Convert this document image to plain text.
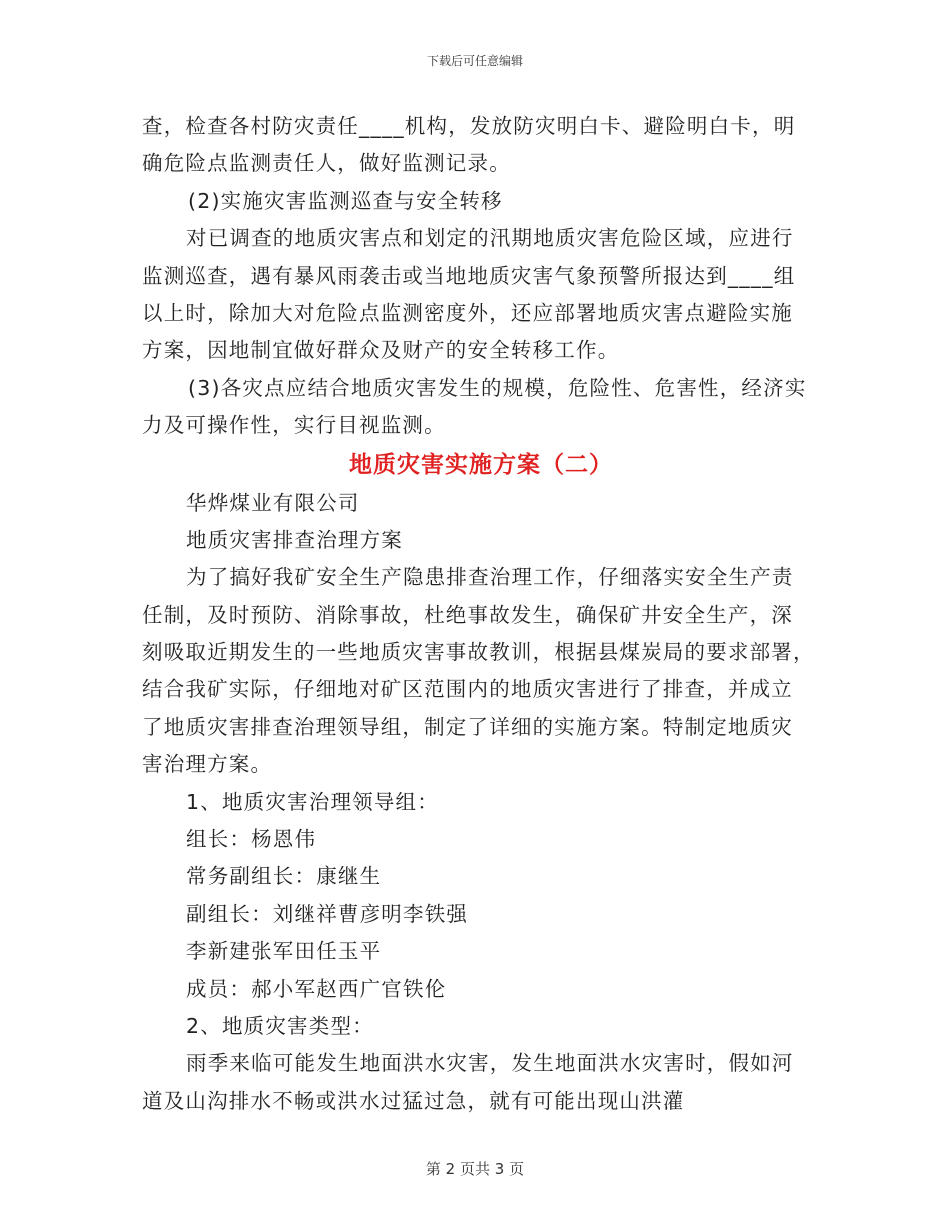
下载后可任意编辑
查，检查各村防灾责任____机构，发放防灾明白卡、避险明白卡，明
确危险点监测责任人，做好监测记录。
(2)实施灾害监测巡查与安全转移
对已调查的地质灾害点和划定的汛期地质灾害危险区域，应进行
监测巡查，遇有暴风雨袭击或当地地质灾害气象预警所报达到____组
以上时，除加大对危险点监测密度外，还应部署地质灾害点避险实施
方案，因地制宜做好群众及财产的安全转移工作。
(3)各灾点应结合地质灾害发生的规模，危险性、危害性，经济实
力及可操作性，实行目视监测。
地质灾害实施方案（二）
华烨煤业有限公司
地质灾害排查治理方案
为了搞好我矿安全生产隐患排查治理工作，仔细落实安全生产责
任制，及时预防、消除事故，杜绝事故发生，确保矿井安全生产，深
刻吸取近期发生的一些地质灾害事故教训，根据县煤炭局的要求部署，
结合我矿实际，仔细地对矿区范围内的地质灾害进行了排查，并成立
了地质灾害排查治理领导组，制定了详细的实施方案。特制定地质灾
害治理方案。
1、地质灾害治理领导组：
组长：杨恩伟
常务副组长：康继生
副组长：刘继祥曹彦明李铁强
李新建张军田任玉平
成员：郝小军赵西广官铁伦
2、地质灾害类型：
雨季来临可能发生地面洪水灾害，发生地面洪水灾害时，假如河
道及山沟排水不畅或洪水过猛过急，就有可能出现山洪灌
第 2 页共 3 页
